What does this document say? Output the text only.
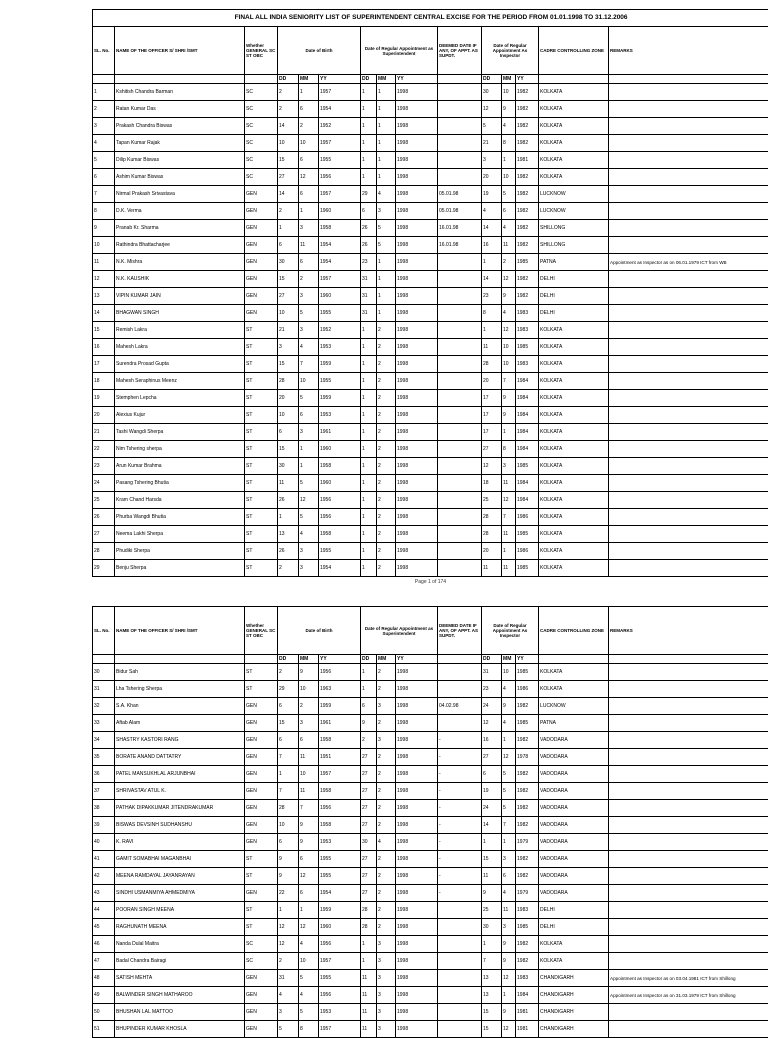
FINAL ALL INDIA SENIORITY LIST OF SUPERINTENDENT CENTRAL EXCISE FOR THE PERIOD FROM 01.01.1998 TO 31.12.2006														
SL. No.	NAME OF THE OFFICER S/ SHRI /SMT	Whether GENERAL SC ST OBC	Date of Birth			Date of Regular Appointment as Superintendent			DEEMED DATE IF ANY, OF APPT. AS SUPDT.	Date of Regular Appointment As Inspector			CADRE CONTROLLING ZONE	REMARKS
			DD	MM	YY	DD	MM	YY		DD	MM	YY		
1	Kshitish Chandra Barman	SC	2	1	1957	1	1	1998		30	10	1982	KOLKATA	
2	Ratan Kumar Das	SC	2	6	1954	1	1	1998		12	9	1982	KOLKATA	
3	Prakash Chandra Biswas	SC	14	2	1952	1	1	1998		5	4	1982	KOLKATA	
4	Tapan Kumar Rajak	SC	10	10	1957	1	1	1998		21	8	1982	KOLKATA	
5	Dilip Kumar Biswas	SC	15	6	1955	1	1	1998		3	1	1981	KOLKATA	
6	Ashim Kumar Biswas	SC	27	12	1956	1	1	1998		20	10	1982	KOLKATA	
7	Nirmal Prakash Srivastava	GEN	14	6	1957	29	4	1998	05.01.98	19	5	1982	LUCKNOW	
8	D.K. Verma	GEN	2	1	1960	6	3	1998	05.01.98	4	6	1982	LUCKNOW	
9	Pranab Kr. Sharma	GEN	1	3	1958	26	5	1998	16.01.98	14	4	1982	SHILLONG	
10	Rathindra Bhattacharjee	GEN	6	11	1954	26	5	1998	16.01.98	16	11	1982	SHILLONG	
11	N.K. Mishra	GEN	30	6	1954	23	1	1998		1	2	1985	PATNA	Appointment as Inspector as on 06.01.1979 ICT from WB
12	N.K. KAUSHIK	GEN	15	2	1957	31	1	1998		14	12	1982	DELHI	
13	VIPIN KUMAR JAIN	GEN	27	3	1960	31	1	1998		23	9	1982	DELHI	
14	BHAGWAN SINGH	GEN	10	5	1955	31	1	1998		8	4	1983	DELHI	
15	Remish Lakra	ST	21	3	1952	1	2	1998		1	12	1983	KOLKATA	
16	Mahesh Lakra	ST	3	4	1953	1	2	1998		11	10	1985	KOLKATA	
17	Surendra Prosad Gupta	ST	15	7	1959	1	2	1998		28	10	1983	KOLKATA	
18	Mahesh Seraphinus Meenz	ST	28	10	1955	1	2	1998		20	7	1984	KOLKATA	
19	Stemphen Lepcha	ST	20	5	1959	1	2	1998		17	9	1984	KOLKATA	
20	Alexius Kujur	ST	10	6	1953	1	2	1998		17	9	1984	KOLKATA	
21	Tashi Wangdi Sherpa	ST	6	3	1961	1	2	1998		17	1	1984	KOLKATA	
22	Nim Tshering sherpa	ST	15	1	1960	1	2	1998		27	8	1984	KOLKATA	
23	Arun Kumar Brahma	ST	30	1	1958	1	2	1998		12	3	1985	KOLKATA	
24	Pasang Tshering Bhutia	ST	11	5	1960	1	2	1998		18	11	1984	KOLKATA	
25	Kram Chand Harsda	ST	26	12	1956	1	2	1998		25	12	1984	KOLKATA	
26	Phurba Wangdi Bhutia	ST	1	5	1956	1	2	1998		28	7	1986	KOLKATA	
27	Neema Lakhi Sherpa	ST	13	4	1958	1	2	1998		28	11	1985	KOLKATA	
28	Phudiki Sherpa	ST	26	3	1955	1	2	1998		20	1	1986	KOLKATA	
29	Benju Sherpa	ST	2	3	1954	1	2	1998		11	11	1985	KOLKATA	
Page 1 of 174
SL. No.	NAME OF THE OFFICER S/ SHRI /SMT	Whether GENERAL SC ST OBC	Date of Birth			Date of Regular Appointment as Superintendent			DEEMED DATE IF ANY, OF APPT. AS SUPDT.	Date of Regular Appointment As Inspector			CADRE CONTROLLING ZONE	REMARKS
			DD	MM	YY	DD	MM	YY		DD	MM	YY		
30	Bidur Sah	ST	2	9	1956	1	2	1998		31	10	1985	KOLKATA	
31	Lha Tshering Sherpa	ST	29	10	1963	1	2	1998		23	4	1986	KOLKATA	
32	S.A. Khan	GEN	6	2	1959	6	3	1998	04.02.98	24	9	1982	LUCKNOW	
33	Aftab Alam	GEN	15	3	1961	9	2	1998		12	4	1985	PATNA	
34	SHASTRY KASTORI RANG	GEN	6	6	1958	2	3	1998	-	16	1	1982	VADODARA	
35	BORATE ANAND DATTATRY	GEN	7	11	1951	27	2	1998	-	27	12	1978	VADODARA	
36	PATEL MANSUKHLAL ARJUNBHAI	GEN	1	10	1957	27	2	1998	-	6	5	1982	VADODARA	
37	SHRIVASTAV ATUL K.	GEN	7	11	1958	27	2	1998	-	19	5	1982	VADODARA	
38	PATHAK DIPAKKUMAR JITENDRAKUMAR	GEN	28	7	1956	27	2	1998	-	24	5	1982	VADODARA	
39	BISWAS DEVSINH SUDHANSHU	GEN	10	9	1958	27	2	1998	-	14	7	1982	VADODARA	
40	K. RAVI	GEN	6	9	1953	30	4	1998	-	1	1	1979	VADODARA	
41	GAMIT SOMABHAI MAGANBHAI	ST	9	6	1955	27	2	1998	-	15	3	1982	VADODARA	
42	MEENA RAMDAYAL JAYANRAYAN	ST	9	12	1955	27	2	1998	-	11	6	1982	VADODARA	
43	SINDHI USMANMIYA AHMEDMIYA	GEN	22	6	1954	27	2	1998	-	9	4	1979	VADODARA	
44	POORAN SINGH MEENA	ST	1	1	1959	28	2	1998		25	11	1983	DELHI	
45	RAGHUNATH MEENA	ST	12	12	1960	28	2	1998		30	3	1985	DELHI	
46	Nanda Dulal Maitra	SC	12	4	1956	1	3	1998		1	9	1982	KOLKATA	
47	Badal Chandra Bairagi	SC	2	10	1957	1	3	1998		7	9	1982	KOLKATA	
48	SATISH MEHTA	GEN	31	5	1955	11	3	1998		13	12	1983	CHANDIGARH	Appointment as Inspector as on 03.04.1981 ICT from Shillong
49	BALWINDER SINGH MATHAROO	GEN	4	4	1956	11	3	1998		13	1	1984	CHANDIGARH	Appointment as Inspector as on 31.03.1979 ICT from Shillong
50	BHUSHAN LAL MATTOO	GEN	3	5	1953	11	3	1998		15	9	1981	CHANDIGARH	
51	BHUPINDER KUMAR KHOSLA	GEN	5	8	1957	11	3	1998		15	12	1981	CHANDIGARH	
